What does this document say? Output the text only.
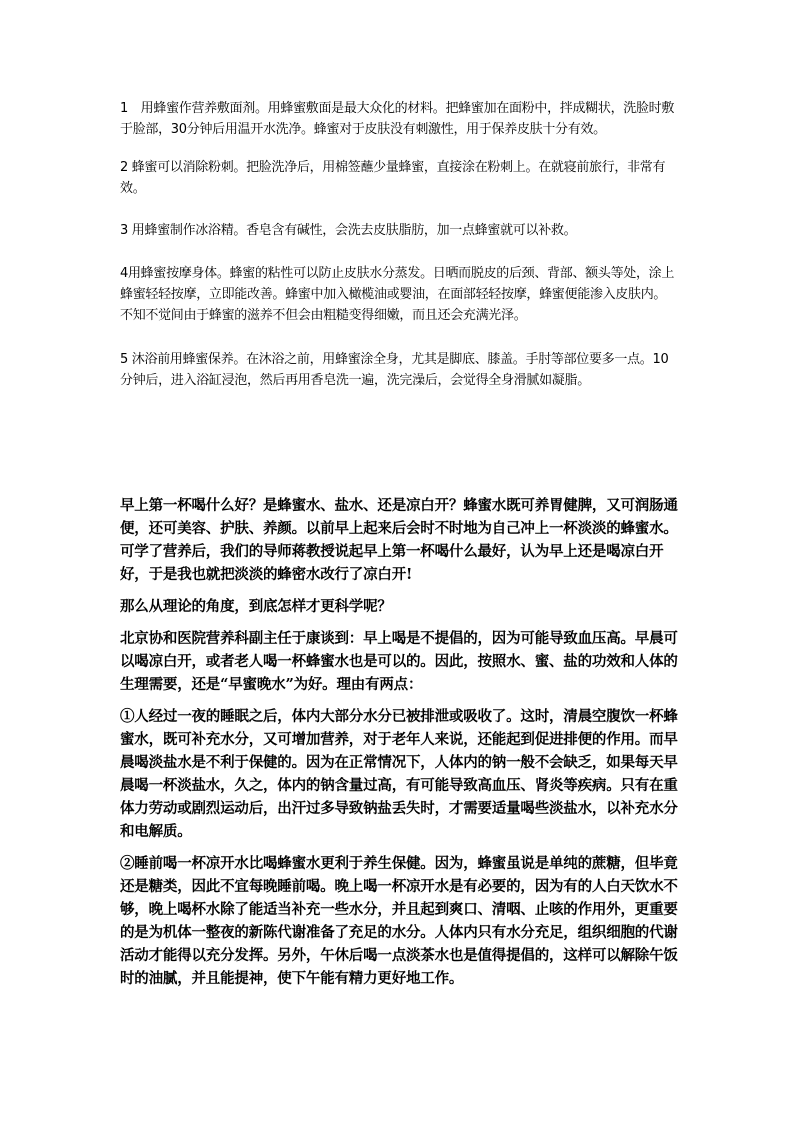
1　用蜂蜜作营养敷面剂。用蜂蜜敷面是最大众化的材料。把蜂蜜加在面粉中，拌成糊状，洗脸时敷于脸部，30分钟后用温开水洗净。蜂蜜对于皮肤没有刺激性，用于保养皮肤十分有效。

2 蜂蜜可以消除粉刺。把脸洗净后，用棉签蘸少量蜂蜜，直接涂在粉刺上。在就寝前旅行，非常有效。

3 用蜂蜜制作冰浴精。香皂含有碱性，会洗去皮肤脂肪，加一点蜂蜜就可以补救。

4用蜂蜜按摩身体。蜂蜜的粘性可以防止皮肤水分蒸发。日晒而脱皮的后颈、背部、额头等处，涂上蜂蜜轻轻按摩，立即能改善。蜂蜜中加入橄榄油或婴油，在面部轻轻按摩，蜂蜜便能渗入皮肤内。不知不觉间由于蜂蜜的滋养不但会由粗糙变得细嫩，而且还会充满光泽。

5 沐浴前用蜂蜜保养。在沐浴之前，用蜂蜜涂全身，尤其是脚底、膝盖。手肘等部位要多一点。10分钟后，进入浴缸浸泡，然后再用香皂洗一遍，洗完澡后，会觉得全身滑腻如凝脂。

早上第一杯喝什么好？是蜂蜜水、盐水、还是凉白开？蜂蜜水既可养胃健脾，又可润肠通便，还可美容、护肤、养颜。以前早上起来后会时不时地为自己冲上一杯淡淡的蜂蜜水。可学了营养后，我们的导师蒋教授说起早上第一杯喝什么最好，认为早上还是喝凉白开好，于是我也就把淡淡的蜂密水改行了凉白开!

那么从理论的角度，到底怎样才更科学呢？

北京协和医院营养科副主任于康谈到：早上喝是不提倡的，因为可能导致血压高。早晨可以喝凉白开，或者老人喝一杯蜂蜜水也是可以的。因此，按照水、蜜、盐的功效和人体的生理需要，还是“早蜜晚水”为好。理由有两点：

①人经过一夜的睡眠之后，体内大部分水分已被排泄或吸收了。这时，清晨空腹饮一杯蜂蜜水，既可补充水分，又可增加营养，对于老年人来说，还能起到促进排便的作用。而早晨喝淡盐水是不利于保健的。因为在正常情况下，人体内的钠一般不会缺乏，如果每天早晨喝一杯淡盐水，久之，体内的钠含量过高，有可能导致高血压、肾炎等疾病。只有在重体力劳动或剧烈运动后，出汗过多导致钠盐丢失时，才需要适量喝些淡盐水，以补充水分和电解质。

②睡前喝一杯凉开水比喝蜂蜜水更利于养生保健。因为，蜂蜜虽说是单纯的蔗糖，但毕竟还是糖类，因此不宜每晚睡前喝。晚上喝一杯凉开水是有必要的，因为有的人白天饮水不够，晚上喝杯水除了能适当补充一些水分，并且起到爽口、清咽、止咳的作用外，更重要的是为机体一整夜的新陈代谢准备了充足的水分。人体内只有水分充足，组织细胞的代谢活动才能得以充分发挥。另外，午休后喝一点淡茶水也是值得提倡的，这样可以解除午饭时的油腻，并且能提神，使下午能有精力更好地工作。
